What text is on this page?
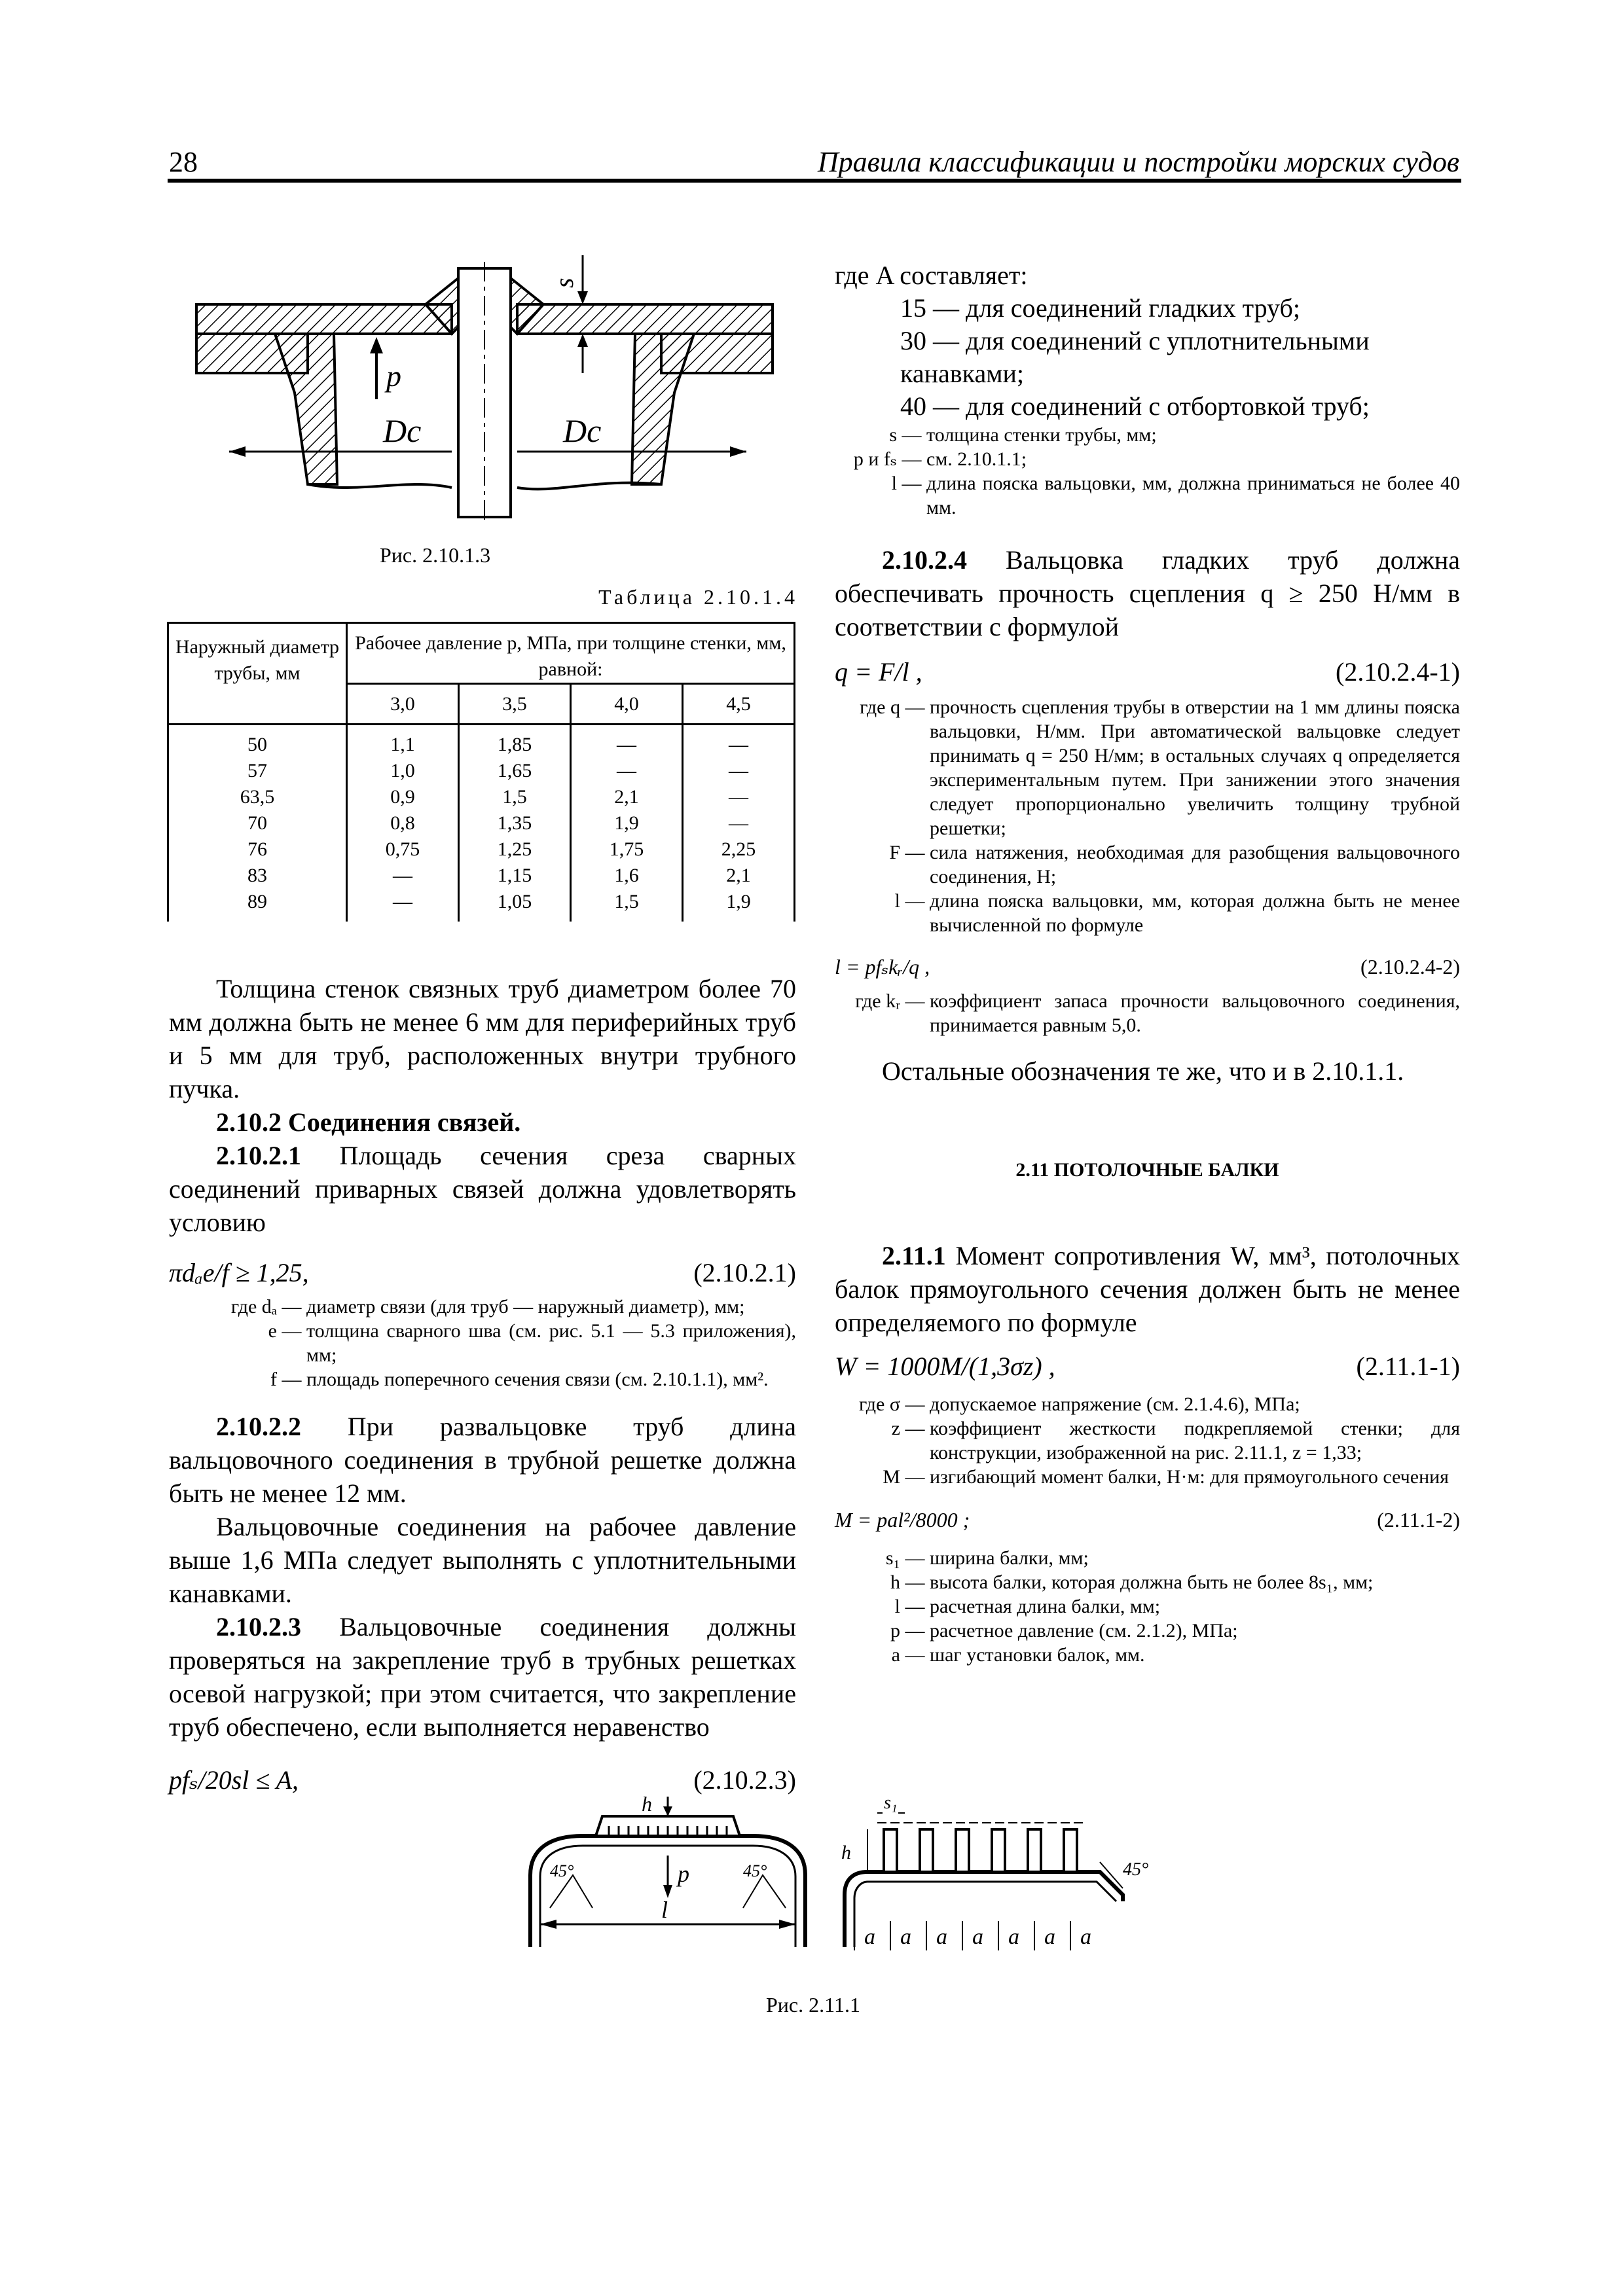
28	Правила классификации и постройки морских судов
p
s
Dc	Dc
Рис. 2.10.1.3
Таблица 2.10.1.4
Наружный диаметр трубы, мм	Рабочее давление p, МПа, при толщине стенки, мм, равной:			
	3,0	3,5	4,0	4,5
50	1,1	1,85	—	—
57	1,0	1,65	—	—
63,5	0,9	1,5	2,1	—
70	0,8	1,35	1,9	—
76	0,75	1,25	1,75	2,25
83	—	1,15	1,6	2,1
89	—	1,05	1,5	1,9

Толщина стенок связных труб диаметром более 70 мм должна быть не менее 6 мм для периферийных труб и 5 мм для труб, расположенных внутри трубного пучка.

2.10.2 Соединения связей.

2.10.2.1 Площадь сечения среза сварных соединений приварных связей должна удовлетворять условию

πdₐe/f ≥ 1,25,	(2.10.2.1)
где dₐ — диаметр связи (для труб — наружный диаметр), мм;
e — толщина сварного шва (см. рис. 5.1 — 5.3 приложения), мм;
f — площадь поперечного сечения связи (см. 2.10.1.1), мм².

2.10.2.2 При развальцовке труб длина вальцовочного соединения в трубной решетке должна быть не менее 12 мм.

Вальцовочные соединения на рабочее давление выше 1,6 МПа следует выполнять с уплотнительными канавками.

2.10.2.3 Вальцовочные соединения должны проверяться на закрепление труб в трубных решетках осевой нагрузкой; при этом считается, что закрепление труб обеспечено, если выполняется неравенство

pfₛ/20sl ≤ A,	(2.10.2.3)
где A составляет:
15 — для соединений гладких труб;
30 — для соединений с уплотнительными канавками;
40 — для соединений с отбортовкой труб;
s — толщина стенки трубы, мм;
p и fₛ — см. 2.10.1.1;
l — длина пояска вальцовки, мм, должна приниматься не более 40 мм.

2.10.2.4 Вальцовка гладких труб должна обеспечивать прочность сцепления q ≥ 250 Н/мм в соответствии с формулой

q = F/l ,	(2.10.2.4-1)
где q — прочность сцепления трубы в отверстии на 1 мм длины пояска вальцовки, Н/мм. При автоматической вальцовке следует принимать q = 250 Н/мм; в остальных случаях q определяется экспериментальным путем. При занижении этого значения следует пропорционально увеличить толщину трубной решетки;
F — сила натяжения, необходимая для разобщения вальцовочного соединения, Н;
l — длина пояска вальцовки, мм, которая должна быть не менее вычисленной по формуле
l = pfₛkᵣ/q ,	(2.10.2.4-2)
где kᵣ — коэффициент запаса прочности вальцовочного соединения, принимается равным 5,0.

Остальные обозначения те же, что и в 2.10.1.1.

2.11 ПОТОЛОЧНЫЕ БАЛКИ

2.11.1 Момент сопротивления W, мм³, потолочных балок прямоугольного сечения должен быть не менее определяемого по формуле

W = 1000M/(1,3σz) ,	(2.11.1-1)
где σ — допускаемое напряжение (см. 2.1.4.6), МПа;
z — коэффициент жесткости подкрепляемой стенки; для конструкции, изображенной на рис. 2.11.1, z = 1,33;
M — изгибающий момент балки, Н·м: для прямоугольного сечения
M = pal²/8000 ;	(2.11.1-2)
s₁ — ширина балки, мм;
h — высота балки, которая должна быть не более 8s₁, мм;
l — расчетная длина балки, мм;
p — расчетное давление (см. 2.1.2), МПа;
a — шаг установки балок, мм.
h
p
45°	45°
l
s₁
h
a a a a a a a
45°
Рис. 2.11.1
